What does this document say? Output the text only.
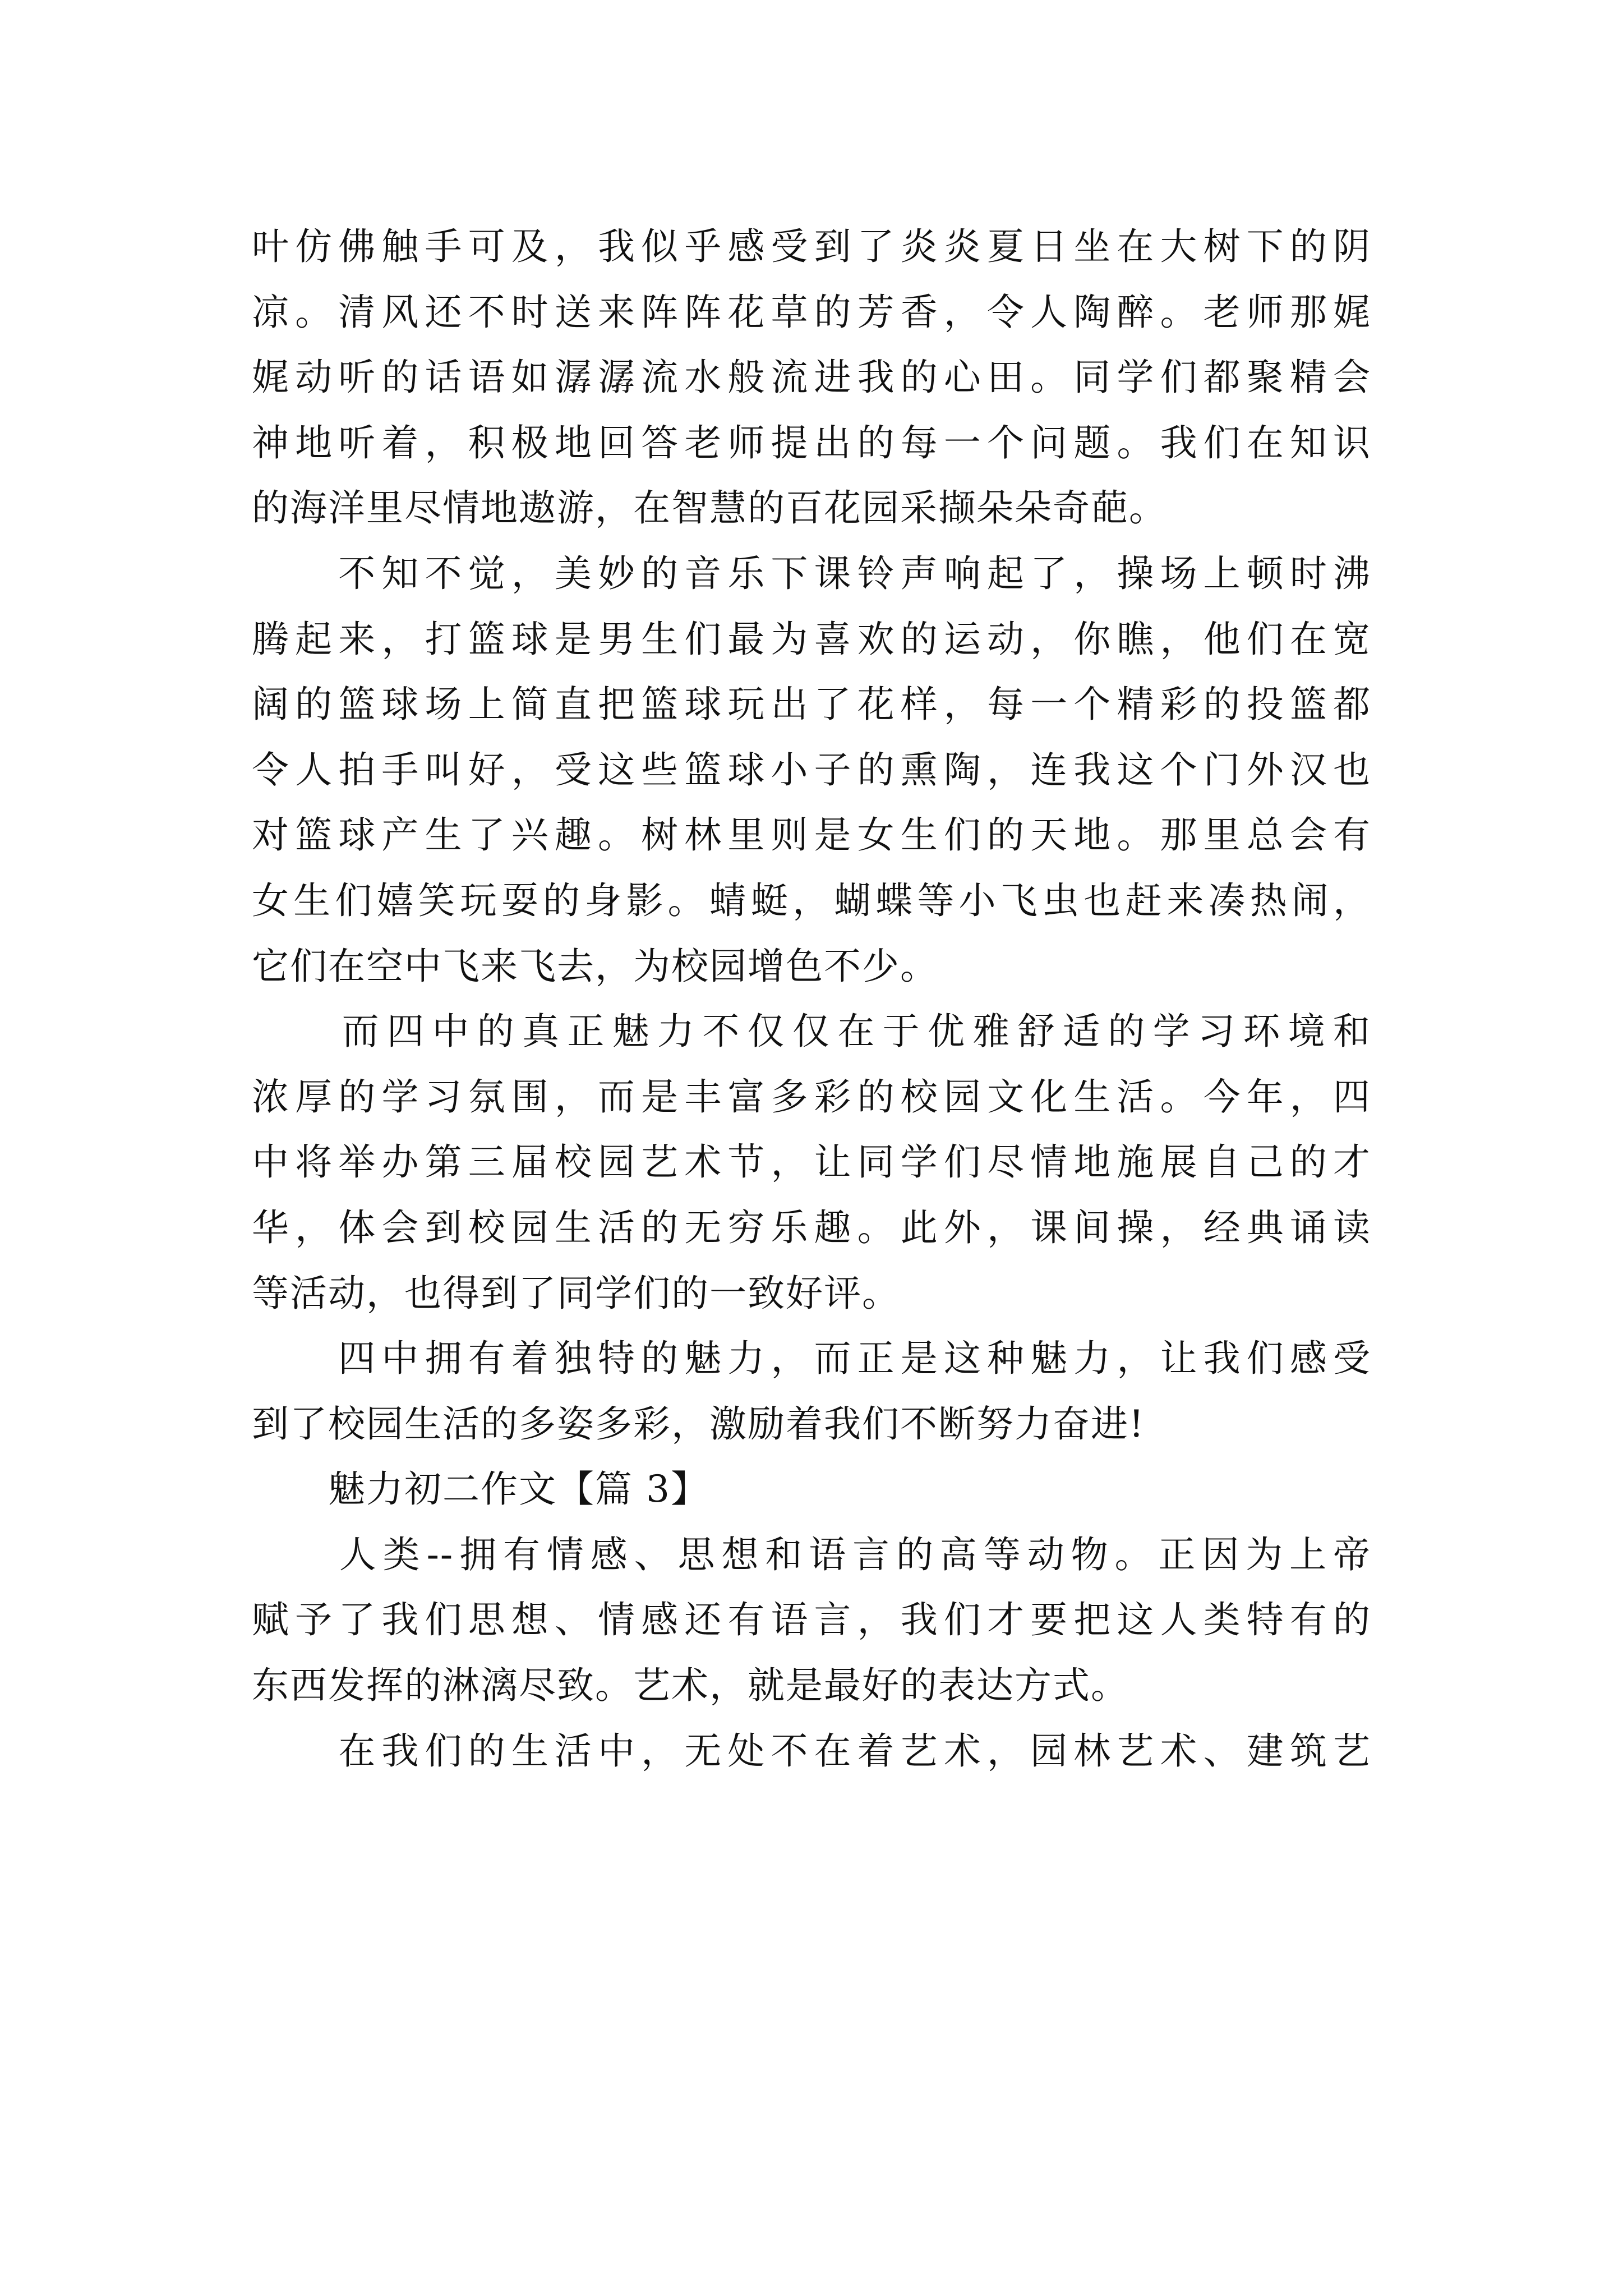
叶仿佛触手可及，我似乎感受到了炎炎夏日坐在大树下的阴
凉。清风还不时送来阵阵花草的芳香，令人陶醉。老师那娓
娓动听的话语如潺潺流水般流进我的心田。同学们都聚精会
神地听着，积极地回答老师提出的每一个问题。我们在知识
的海洋里尽情地遨游，在智慧的百花园采撷朵朵奇葩。
　　不知不觉，美妙的音乐下课铃声响起了，操场上顿时沸
腾起来，打篮球是男生们最为喜欢的运动，你瞧，他们在宽
阔的篮球场上简直把篮球玩出了花样，每一个精彩的投篮都
令人拍手叫好，受这些篮球小子的熏陶，连我这个门外汉也
对篮球产生了兴趣。树林里则是女生们的天地。那里总会有
女生们嬉笑玩耍的身影。蜻蜓，蝴蝶等小飞虫也赶来凑热闹，
它们在空中飞来飞去，为校园增色不少。
　　而四中的真正魅力不仅仅在于优雅舒适的学习环境和
浓厚的学习氛围，而是丰富多彩的校园文化生活。今年，四
中将举办第三届校园艺术节，让同学们尽情地施展自己的才
华，体会到校园生活的无穷乐趣。此外，课间操，经典诵读
等活动，也得到了同学们的一致好评。
　　四中拥有着独特的魅力，而正是这种魅力，让我们感受
到了校园生活的多姿多彩，激励着我们不断努力奋进!
　　魅力初二作文【篇 3】
　　人类--拥有情感、思想和语言的高等动物。正因为上帝
赋予了我们思想、情感还有语言，我们才要把这人类特有的
东西发挥的淋漓尽致。艺术，就是最好的表达方式。
　　在我们的生活中，无处不在着艺术，园林艺术、建筑艺
